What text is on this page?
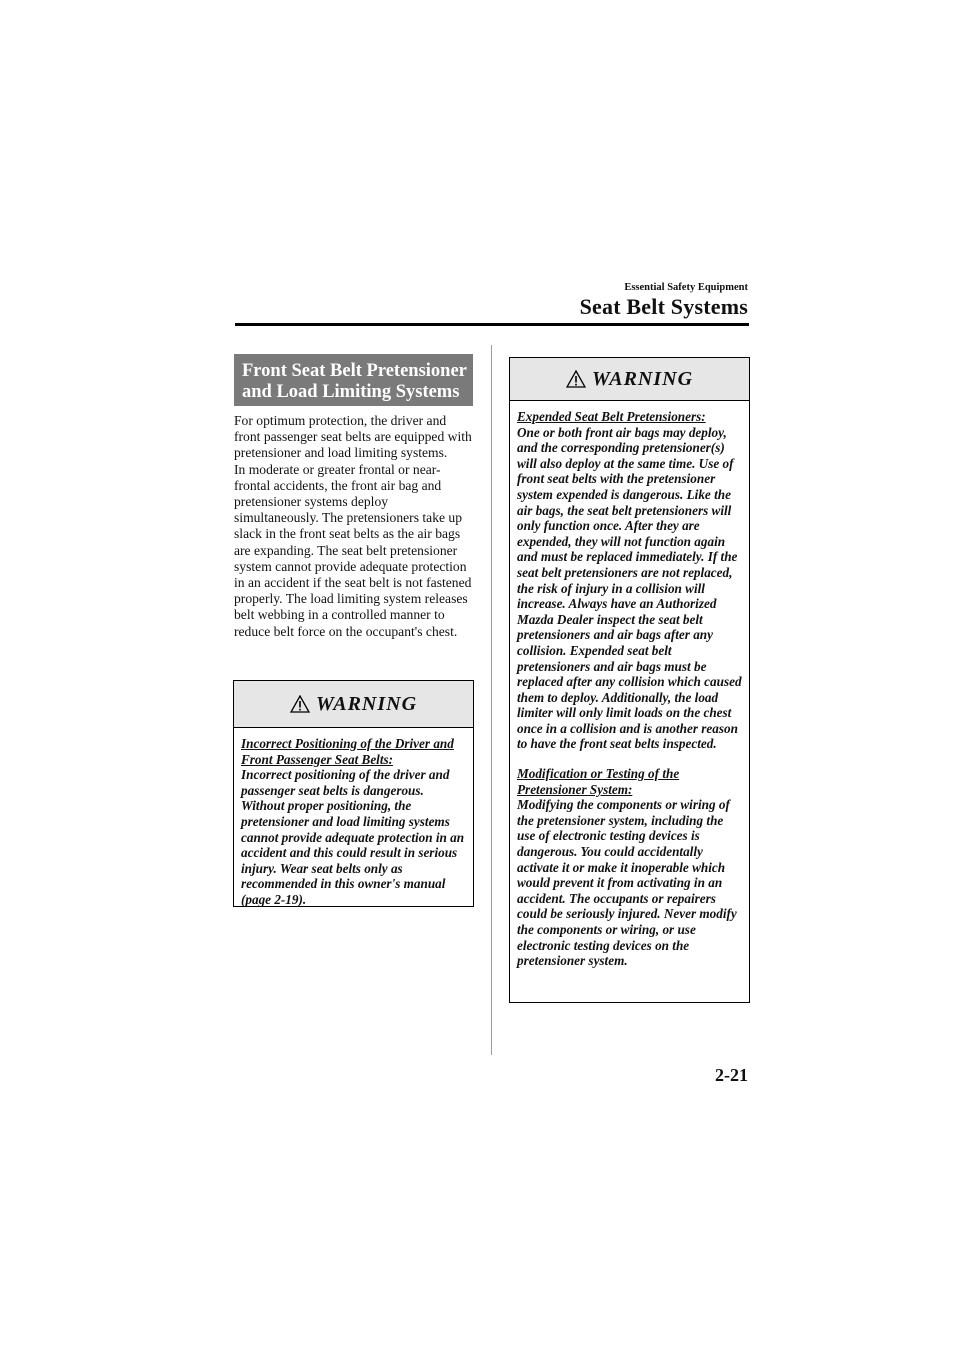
Essential Safety Equipment
Seat Belt Systems
Front Seat Belt Pretensioner
and Load Limiting Systems

For optimum protection, the driver and front passenger seat belts are equipped with pretensioner and load limiting systems.

In moderate or greater frontal or near-frontal accidents, the front air bag and pretensioner systems deploy simultaneously. The pretensioners take up slack in the front seat belts as the air bags are expanding. The seat belt pretensioner system cannot provide adequate protection in an accident if the seat belt is not fastened properly. The load limiting system releases belt webbing in a controlled manner to reduce belt force on the occupant's chest.

WARNING

Incorrect Positioning of the Driver and Front Passenger Seat Belts:

Incorrect positioning of the driver and passenger seat belts is dangerous. Without proper positioning, the pretensioner and load limiting systems cannot provide adequate protection in an accident and this could result in serious injury. Wear seat belts only as recommended in this owner's manual (page 2-19).

WARNING

Expended Seat Belt Pretensioners:

One or both front air bags may deploy, and the corresponding pretensioner(s) will also deploy at the same time. Use of front seat belts with the pretensioner system expended is dangerous. Like the air bags, the seat belt pretensioners will only function once. After they are expended, they will not function again and must be replaced immediately. If the seat belt pretensioners are not replaced, the risk of injury in a collision will increase. Always have an Authorized Mazda Dealer inspect the seat belt pretensioners and air bags after any collision. Expended seat belt pretensioners and air bags must be replaced after any collision which caused them to deploy. Additionally, the load limiter will only limit loads on the chest once in a collision and is another reason to have the front seat belts inspected.

Modification or Testing of the Pretensioner System:

Modifying the components or wiring of the pretensioner system, including the use of electronic testing devices is dangerous. You could accidentally activate it or make it inoperable which would prevent it from activating in an accident. The occupants or repairers could be seriously injured. Never modify the components or wiring, or use electronic testing devices on the pretensioner system.

2-21
